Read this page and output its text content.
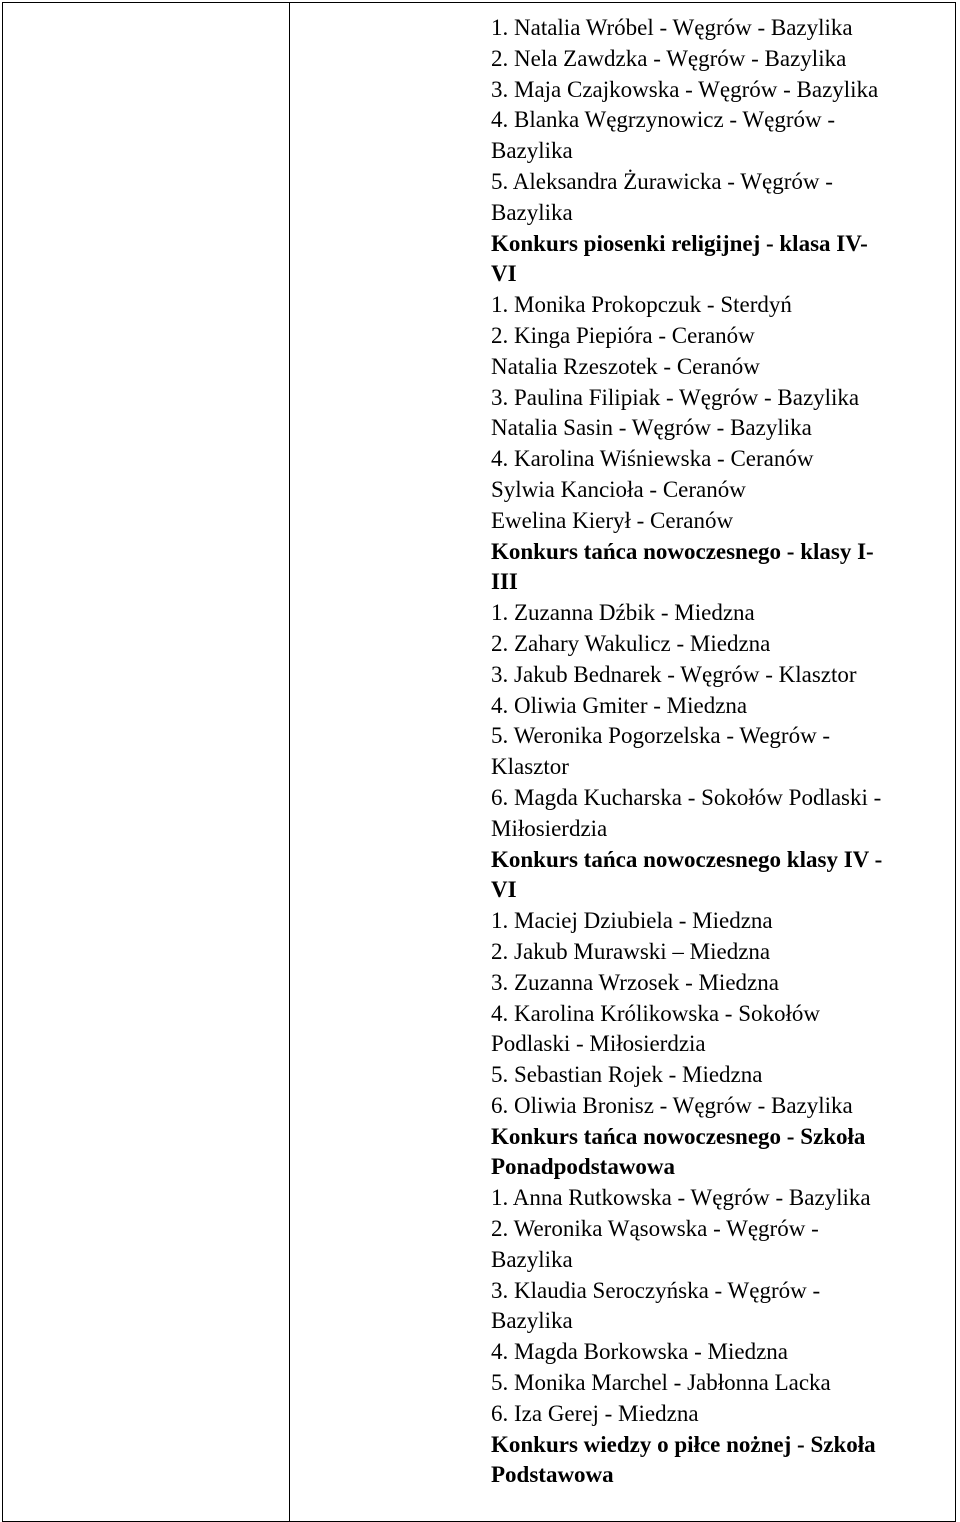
1. Natalia Wróbel - Węgrów - Bazylika
2. Nela Zawdzka - Węgrów - Bazylika
3. Maja Czajkowska - Węgrów - Bazylika
4. Blanka Węgrzynowicz - Węgrów -
Bazylika
5. Aleksandra Żurawicka - Węgrów -
Bazylika
Konkurs piosenki religijnej - klasa IV-
VI
1. Monika Prokopczuk - Sterdyń
2. Kinga Piepióra - Ceranów
Natalia Rzeszotek - Ceranów
3. Paulina Filipiak - Węgrów - Bazylika
Natalia Sasin - Węgrów - Bazylika
4. Karolina Wiśniewska - Ceranów
Sylwia Kancioła - Ceranów
Ewelina Kierył - Ceranów
Konkurs tańca nowoczesnego - klasy I-
III
1. Zuzanna Dźbik - Miedzna
2. Zahary Wakulicz - Miedzna
3. Jakub Bednarek - Węgrów - Klasztor
4. Oliwia Gmiter - Miedzna
5. Weronika Pogorzelska - Wegrów -
Klasztor
6. Magda Kucharska - Sokołów Podlaski -
Miłosierdzia
Konkurs tańca nowoczesnego klasy IV -
VI
1. Maciej Dziubiela - Miedzna
2. Jakub Murawski – Miedzna
3. Zuzanna Wrzosek - Miedzna
4. Karolina Królikowska - Sokołów
Podlaski - Miłosierdzia
5. Sebastian Rojek - Miedzna
6. Oliwia Bronisz - Węgrów - Bazylika
Konkurs tańca nowoczesnego - Szkoła
Ponadpodstawowa
1. Anna Rutkowska - Węgrów - Bazylika
2. Weronika Wąsowska - Węgrów -
Bazylika
3. Klaudia Seroczyńska - Węgrów -
Bazylika
4. Magda Borkowska - Miedzna
5. Monika Marchel - Jabłonna Lacka
6. Iza Gerej - Miedzna
Konkurs wiedzy o piłce nożnej - Szkoła
Podstawowa
